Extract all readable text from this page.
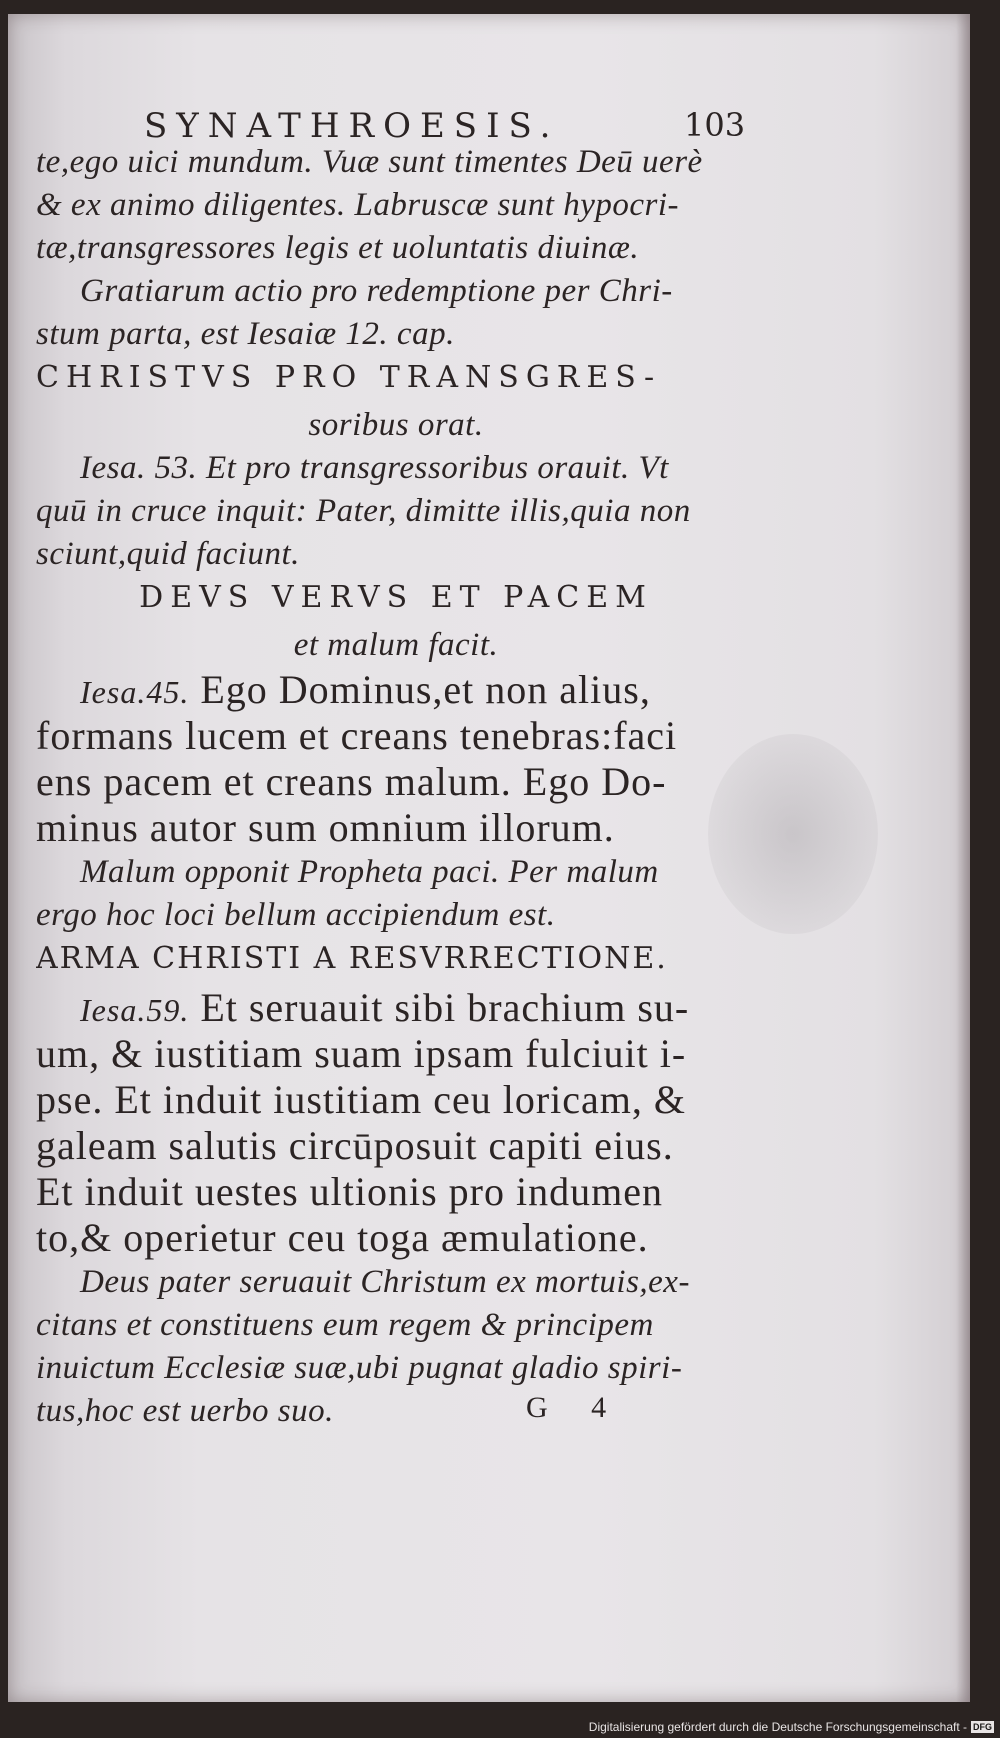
SYNATHROESIS.	103

te,ego uici mundum. Vuæ sunt timentes Deū uerè

& ex animo diligentes. Labruscæ sunt hypocri-

tæ,transgressores legis et uoluntatis diuinæ.

Gratiarum actio pro redemptione per Chri-

stum parta, est Iesaiæ 12. cap.

CHRISTVS PRO TRANSGRES-

soribus orat.

Iesa. 53. Et pro transgressoribus orauit. Vt

quū in cruce inquit: Pater, dimitte illis,quia non

sciunt,quid faciunt.

DEVS VERVS ET PACEM

et malum facit.

Iesa.45. Ego Dominus,et non alius,

formans lucem et creans tenebras:faci

ens pacem et creans malum. Ego Do-

minus autor sum omnium illorum.

Malum opponit Propheta paci. Per malum

ergo hoc loci bellum accipiendum est.

ARMA CHRISTI A RESVRRECTIONE.

Iesa.59. Et seruauit sibi brachium su-

um, & iustitiam suam ipsam fulciuit i-

pse. Et induit iustitiam ceu loricam, &

galeam salutis circūposuit capiti eius.

Et induit uestes ultionis pro indumen

to,& operietur ceu toga æmulatione.

Deus pater seruauit Christum ex mortuis,ex-

citans et constituens eum regem & principem

inuictum Ecclesiæ suæ,ubi pugnat gladio spiri-

tus,hoc est uerbo suo.	G 4
Digitalisierung gefördert durch die Deutsche Forschungsgemeinschaft - DFG
